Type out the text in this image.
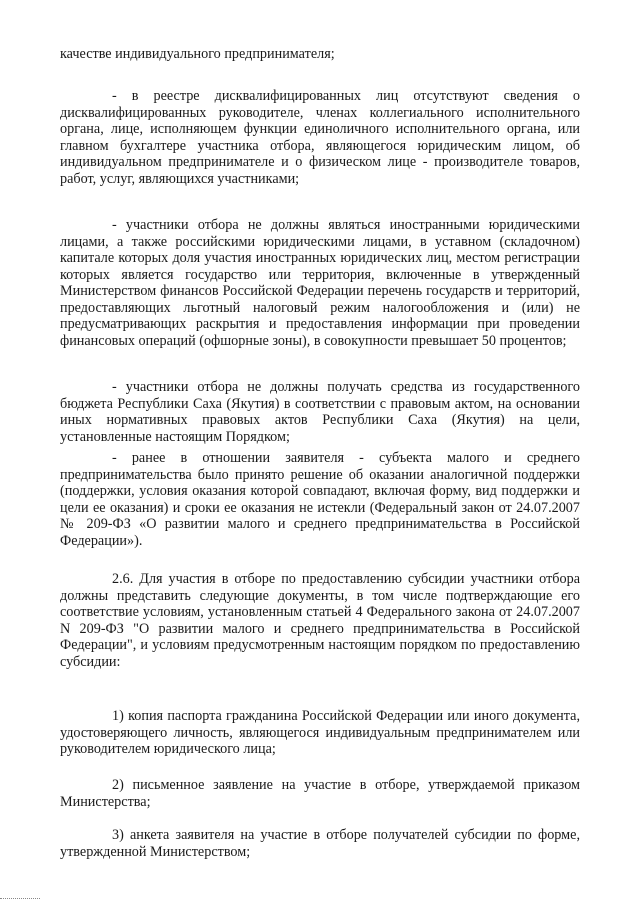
качестве индивидуального предпринимателя;

- в реестре дисквалифицированных лиц отсутствуют сведения о дисквалифицированных руководителе, членах коллегиального исполнительного органа, лице, исполняющем функции единоличного исполнительного органа, или главном бухгалтере участника отбора, являющегося юридическим лицом, об индивидуальном предпринимателе и о физическом лице - производителе товаров, работ, услуг, являющихся участниками;

- участники отбора не должны являться иностранными юридическими лицами, а также российскими юридическими лицами, в уставном (складочном) капитале которых доля участия иностранных юридических лиц, местом регистрации которых является государство или территория, включенные в утвержденный Министерством финансов Российской Федерации перечень государств и территорий, предоставляющих льготный налоговый режим налогообложения и (или) не предусматривающих раскрытия и предоставления информации при проведении финансовых операций (офшорные зоны), в совокупности превышает 50 процентов;

- участники отбора не должны получать средства из государственного бюджета Республики Саха (Якутия) в соответствии с правовым актом, на основании иных нормативных правовых актов Республики Саха (Якутия) на цели, установленные настоящим Порядком;

- ранее в отношении заявителя - субъекта малого и среднего предпринимательства было принято решение об оказании аналогичной поддержки (поддержки, условия оказания которой совпадают, включая форму, вид поддержки и цели ее оказания) и сроки ее оказания не истекли (Федеральный закон от 24.07.2007 № 209-ФЗ «О развитии малого и среднего предпринимательства в Российской Федерации»).

2.6. Для участия в отборе по предоставлению субсидии участники отбора должны представить следующие документы, в том числе подтверждающие его соответствие условиям, установленным статьей 4 Федерального закона от 24.07.2007 N 209-ФЗ "О развитии малого и среднего предпринимательства в Российской Федерации", и условиям предусмотренным настоящим порядком по предоставлению субсидии:

1) копия паспорта гражданина Российской Федерации или иного документа, удостоверяющего личность, являющегося индивидуальным предпринимателем или руководителем юридического лица;

2) письменное заявление на участие в отборе, утверждаемой приказом Министерства;

3) анкета заявителя на участие в отборе получателей субсидии по форме, утвержденной Министерством;
